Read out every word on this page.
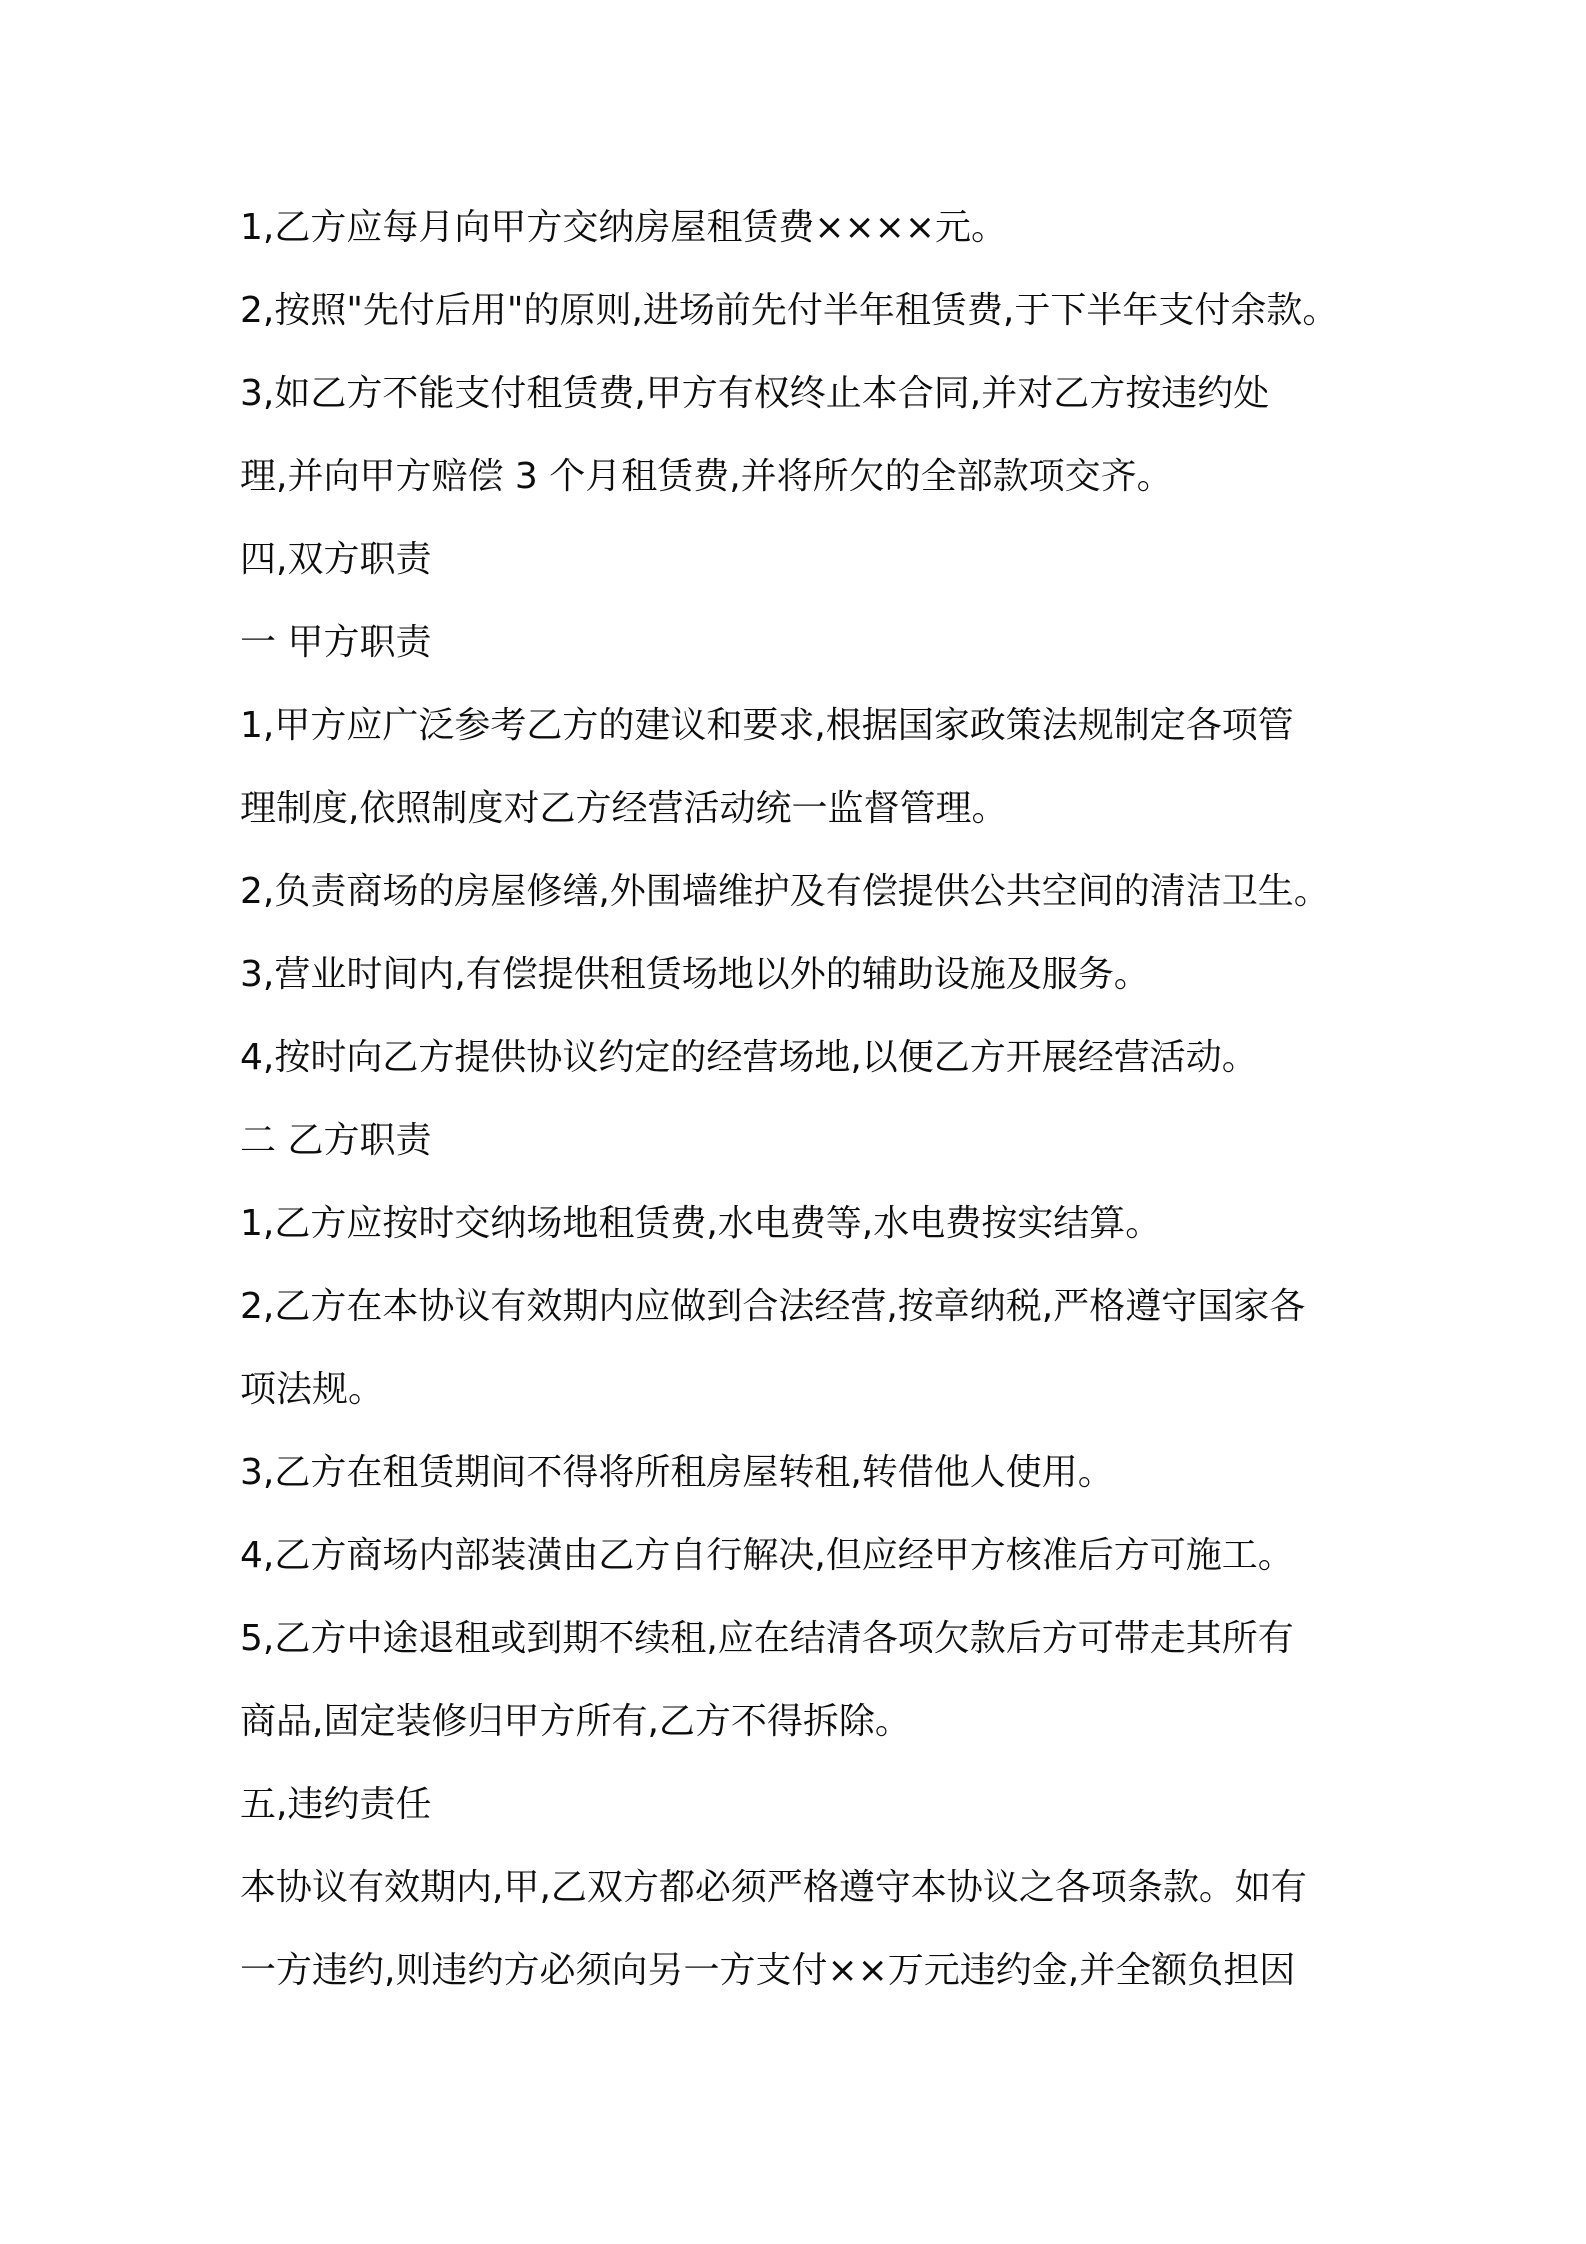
1,乙方应每月向甲方交纳房屋租赁费××××元。

2,按照"先付后用"的原则,进场前先付半年租赁费,于下半年支付余款。

3,如乙方不能支付租赁费,甲方有权终止本合同,并对乙方按违约处

理,并向甲方赔偿 3 个月租赁费,并将所欠的全部款项交齐。

四,双方职责

一 甲方职责

1,甲方应广泛参考乙方的建议和要求,根据国家政策法规制定各项管

理制度,依照制度对乙方经营活动统一监督管理。

2,负责商场的房屋修缮,外围墙维护及有偿提供公共空间的清洁卫生。

3,营业时间内,有偿提供租赁场地以外的辅助设施及服务。

4,按时向乙方提供协议约定的经营场地,以便乙方开展经营活动。

二 乙方职责

1,乙方应按时交纳场地租赁费,水电费等,水电费按实结算。

2,乙方在本协议有效期内应做到合法经营,按章纳税,严格遵守国家各

项法规。

3,乙方在租赁期间不得将所租房屋转租,转借他人使用。

4,乙方商场内部装潢由乙方自行解决,但应经甲方核准后方可施工。

5,乙方中途退租或到期不续租,应在结清各项欠款后方可带走其所有

商品,固定装修归甲方所有,乙方不得拆除。

五,违约责任

本协议有效期内,甲,乙双方都必须严格遵守本协议之各项条款。如有

一方违约,则违约方必须向另一方支付××万元违约金,并全额负担因
